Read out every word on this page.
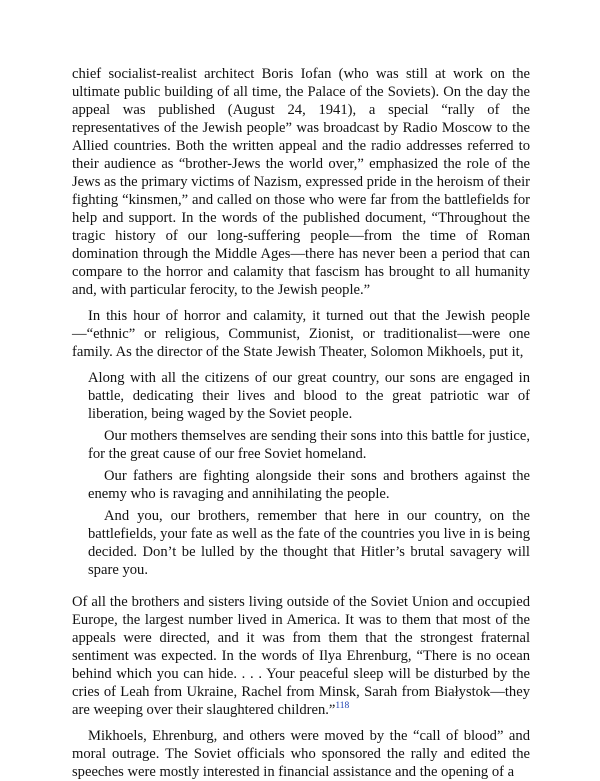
chief socialist-realist architect Boris Iofan (who was still at work on the ultimate public building of all time, the Palace of the Soviets). On the day the appeal was published (August 24, 1941), a special “rally of the representatives of the Jewish people” was broadcast by Radio Moscow to the Allied countries. Both the written appeal and the radio addresses referred to their audience as “brother-Jews the world over,” emphasized the role of the Jews as the primary victims of Nazism, expressed pride in the heroism of their fighting “kinsmen,” and called on those who were far from the battlefields for help and support. In the words of the published document, “Throughout the tragic history of our long-suffering people—from the time of Roman domination through the Middle Ages—there has never been a period that can compare to the horror and calamity that fascism has brought to all humanity and, with particular ferocity, to the Jewish people.”

In this hour of horror and calamity, it turned out that the Jewish people —“ethnic” or religious, Communist, Zionist, or traditionalist—were one family. As the director of the State Jewish Theater, Solomon Mikhoels, put it,

Along with all the citizens of our great country, our sons are engaged in battle, dedicating their lives and blood to the great patriotic war of liberation, being waged by the Soviet people.

Our mothers themselves are sending their sons into this battle for justice, for the great cause of our free Soviet homeland.

Our fathers are fighting alongside their sons and brothers against the enemy who is ravaging and annihilating the people.

And you, our brothers, remember that here in our country, on the battlefields, your fate as well as the fate of the countries you live in is being decided. Don’t be lulled by the thought that Hitler’s brutal savagery will spare you.

Of all the brothers and sisters living outside of the Soviet Union and occupied Europe, the largest number lived in America. It was to them that most of the appeals were directed, and it was from them that the strongest fraternal sentiment was expected. In the words of Ilya Ehrenburg, “There is no ocean behind which you can hide. . . . Your peaceful sleep will be disturbed by the cries of Leah from Ukraine, Rachel from Minsk, Sarah from Białystok—they are weeping over their slaughtered children.”$^{118}$

Mikhoels, Ehrenburg, and others were moved by the “call of blood” and moral outrage. The Soviet officials who sponsored the rally and edited the speeches were mostly interested in financial assistance and the opening of a
